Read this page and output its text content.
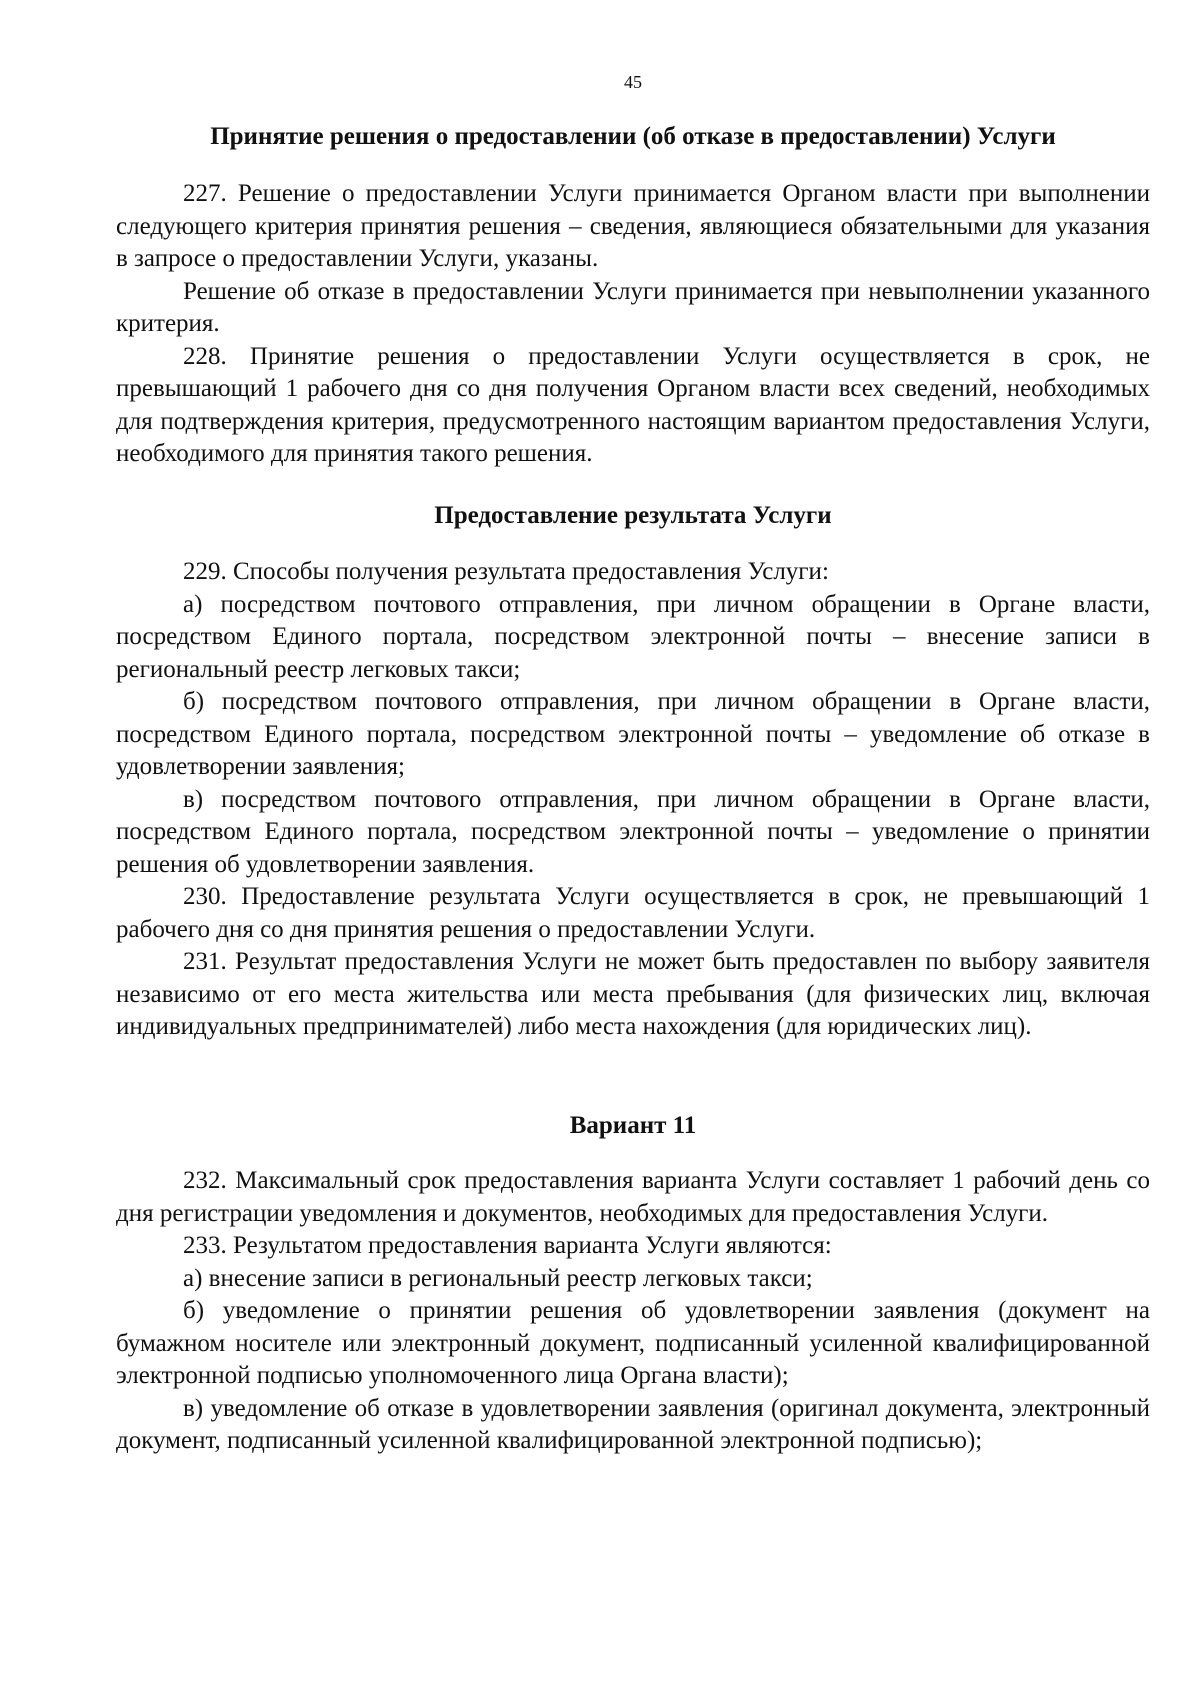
45
Принятие решения о предоставлении (об отказе в предоставлении) Услуги

227. Решение о предоставлении Услуги принимается Органом власти при выполнении следующего критерия принятия решения – сведения, являющиеся обязательными для указания в запросе о предоставлении Услуги, указаны.

Решение об отказе в предоставлении Услуги принимается при невыполнении указанного критерия.

228. Принятие решения о предоставлении Услуги осуществляется в срок, не превышающий 1 рабочего дня со дня получения Органом власти всех сведений, необходимых для подтверждения критерия, предусмотренного настоящим вариантом предоставления Услуги, необходимого для принятия такого решения.

Предоставление результата Услуги

229. Способы получения результата предоставления Услуги:

а) посредством почтового отправления, при личном обращении в Органе власти, посредством Единого портала, посредством электронной почты – внесение записи в региональный реестр легковых такси;

б) посредством почтового отправления, при личном обращении в Органе власти, посредством Единого портала, посредством электронной почты – уведомление об отказе в удовлетворении заявления;

в) посредством почтового отправления, при личном обращении в Органе власти, посредством Единого портала, посредством электронной почты – уведомление о принятии решения об удовлетворении заявления.

230. Предоставление результата Услуги осуществляется в срок, не превышающий 1 рабочего дня со дня принятия решения о предоставлении Услуги.

231. Результат предоставления Услуги не может быть предоставлен по выбору заявителя независимо от его места жительства или места пребывания (для физических лиц, включая индивидуальных предпринимателей) либо места нахождения (для юридических лиц).

Вариант 11

232. Максимальный срок предоставления варианта Услуги составляет 1 рабочий день со дня регистрации уведомления и документов, необходимых для предоставления Услуги.

233. Результатом предоставления варианта Услуги являются:

а) внесение записи в региональный реестр легковых такси;

б) уведомление о принятии решения об удовлетворении заявления (документ на бумажном носителе или электронный документ, подписанный усиленной квалифицированной электронной подписью уполномоченного лица Органа власти);

в) уведомление об отказе в удовлетворении заявления (оригинал документа, электронный документ, подписанный усиленной квалифицированной электронной подписью);
